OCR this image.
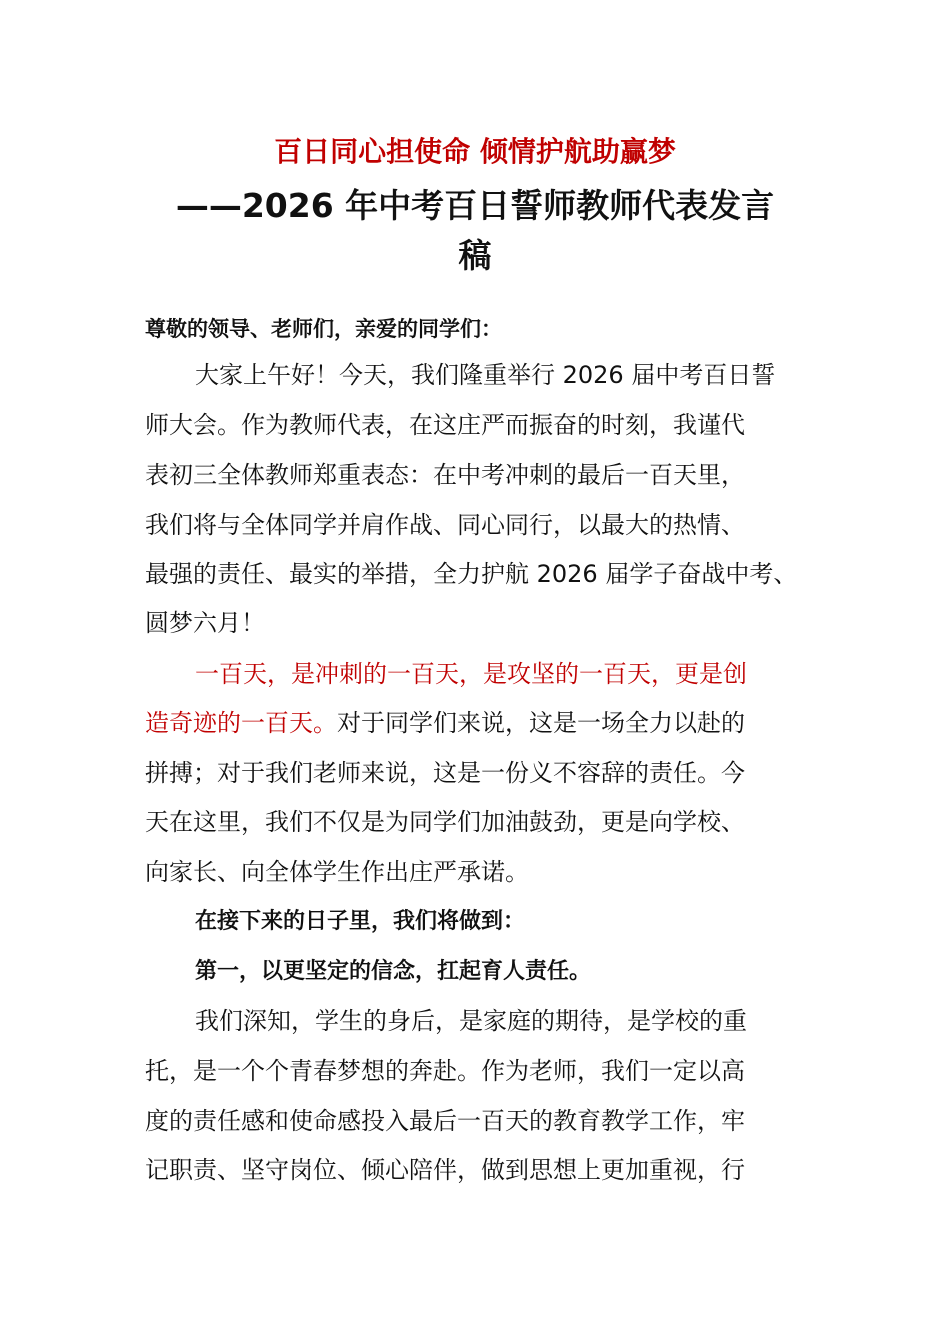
百日同心担使命 倾情护航助赢梦
——2026 年中考百日誓师教师代表发言
稿
尊敬的领导、老师们，亲爱的同学们：
大家上午好！今天，我们隆重举行 2026 届中考百日誓
师大会。作为教师代表，在这庄严而振奋的时刻，我谨代
表初三全体教师郑重表态：在中考冲刺的最后一百天里，
我们将与全体同学并肩作战、同心同行，以最大的热情、
最强的责任、最实的举措，全力护航 2026 届学子奋战中考、
圆梦六月！
一百天，是冲刺的一百天，是攻坚的一百天，更是创
造奇迹的一百天。对于同学们来说，这是一场全力以赴的
拼搏；对于我们老师来说，这是一份义不容辞的责任。今
天在这里，我们不仅是为同学们加油鼓劲，更是向学校、
向家长、向全体学生作出庄严承诺。
在接下来的日子里，我们将做到：
第一，以更坚定的信念，扛起育人责任。
我们深知，学生的身后，是家庭的期待，是学校的重
托，是一个个青春梦想的奔赴。作为老师，我们一定以高
度的责任感和使命感投入最后一百天的教育教学工作，牢
记职责、坚守岗位、倾心陪伴，做到思想上更加重视，行
